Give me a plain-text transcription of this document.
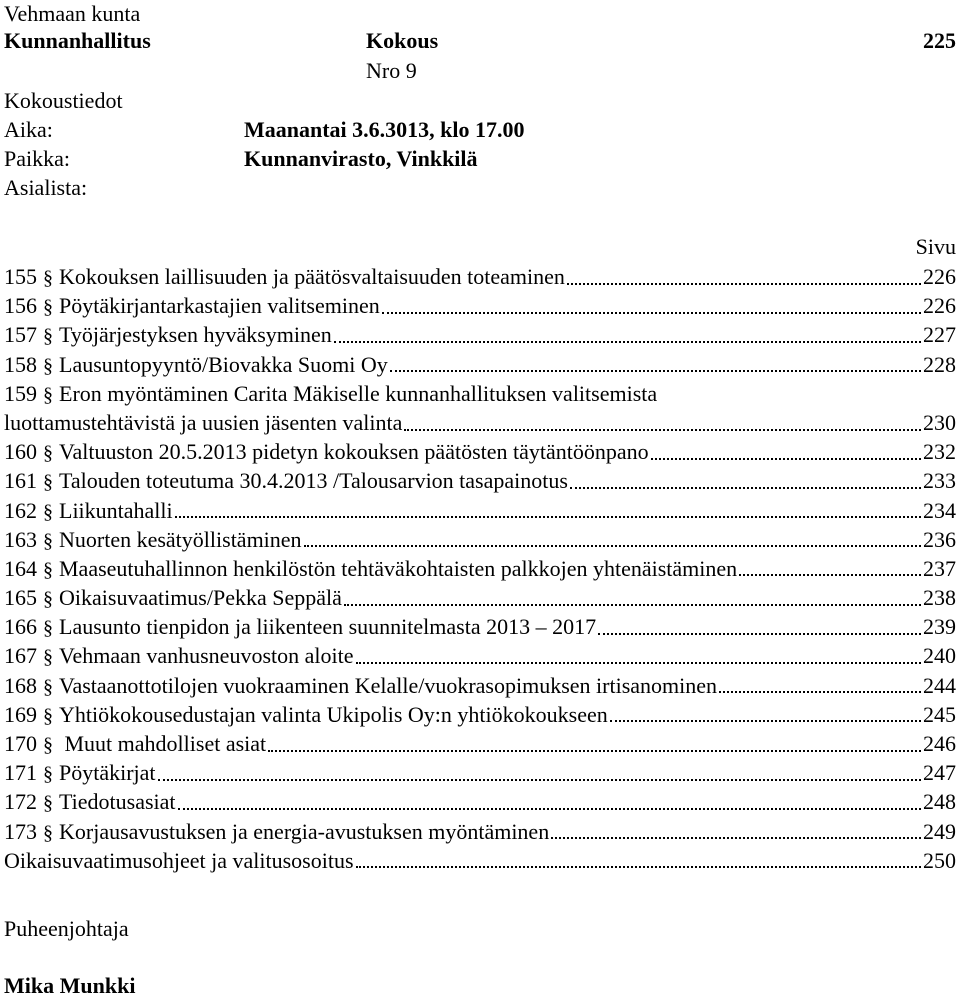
Vehmaan kunta
Kunnanhallitus	Kokous	225
Nro 9
Kokoustiedot
Aika:	Maanantai 3.6.3013, klo 17.00
Paikka:	Kunnanvirasto, Vinkkilä
Asialista:
Sivu
155 § Kokouksen laillisuuden ja päätösvaltaisuuden toteaminen	226
156 § Pöytäkirjantarkastajien valitseminen	226
157 § Työjärjestyksen hyväksyminen	227
158 § Lausuntopyyntö/Biovakka Suomi Oy	228
159 § Eron myöntäminen Carita Mäkiselle kunnanhallituksen valitsemista
luottamustehtävistä ja uusien jäsenten valinta	230
160 § Valtuuston 20.5.2013 pidetyn kokouksen päätösten täytäntöönpano	232
161 § Talouden toteutuma 30.4.2013 /Talousarvion tasapainotus	233
162 § Liikuntahalli	234
163 § Nuorten kesätyöllistäminen	236
164 § Maaseutuhallinnon henkilöstön tehtäväkohtaisten palkkojen yhtenäistäminen	237
165 § Oikaisuvaatimus/Pekka Seppälä	238
166 § Lausunto tienpidon ja liikenteen suunnitelmasta 2013 – 2017	239
167 § Vehmaan vanhusneuvoston aloite	240
168 § Vastaanottotilojen vuokraaminen Kelalle/vuokrasopimuksen irtisanominen	244
169 § Yhtiökokousedustajan valinta Ukipolis Oy:n yhtiökokoukseen	245
170 § Muut mahdolliset asiat	246
171 § Pöytäkirjat	247
172 § Tiedotusasiat	248
173 § Korjausavustuksen ja energia-avustuksen myöntäminen	249
Oikaisuvaatimusohjeet ja valitusosoitus	250
Puheenjohtaja
Mika Munkki
